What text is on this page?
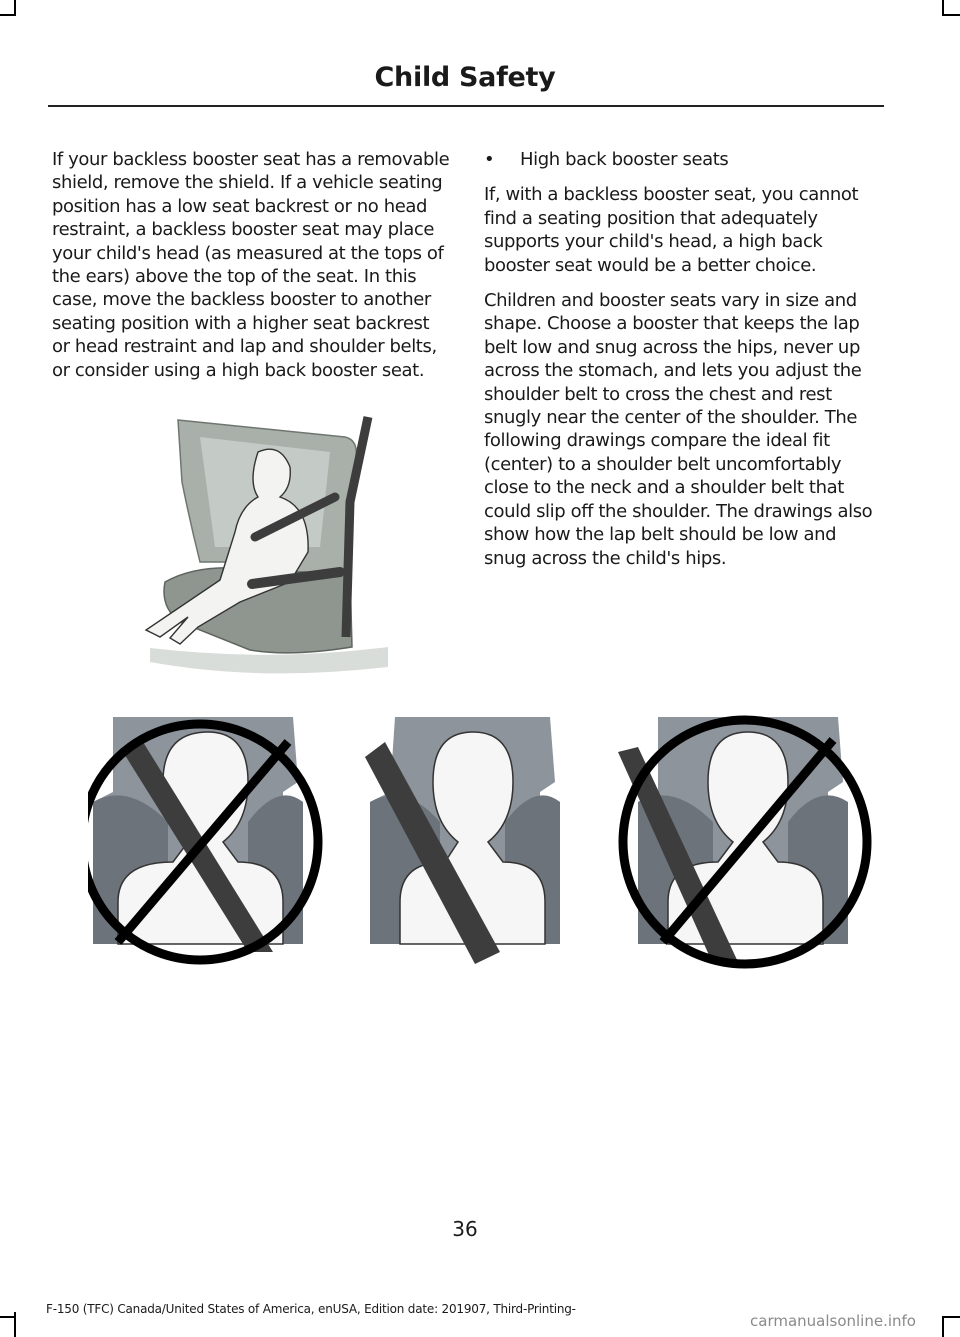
Child Safety

If your backless booster seat has a removable shield, remove the shield. If a vehicle seating position has a low seat backrest or no head restraint, a backless booster seat may place your child's head (as measured at the tops of the ears) above the top of the seat. In this case, move the backless booster to another seating position with a higher seat backrest or head restraint and lap and shoulder belts, or consider using a high back booster seat.

•	High back booster seats

If, with a backless booster seat, you cannot find a seating position that adequately supports your child's head, a high back booster seat would be a better choice.

Children and booster seats vary in size and shape. Choose a booster that keeps the lap belt low and snug across the hips, never up across the stomach, and lets you adjust the shoulder belt to cross the chest and rest snugly near the center of the shoulder. The following drawings compare the ideal fit (center) to a shoulder belt uncomfortably close to the neck and a shoulder belt that could slip off the shoulder. The drawings also show how the lap belt should be low and snug across the child's hips.

36
F-150 (TFC) Canada/United States of America, enUSA, Edition date: 201907, Third-Printing-
carmanualsonline.info
